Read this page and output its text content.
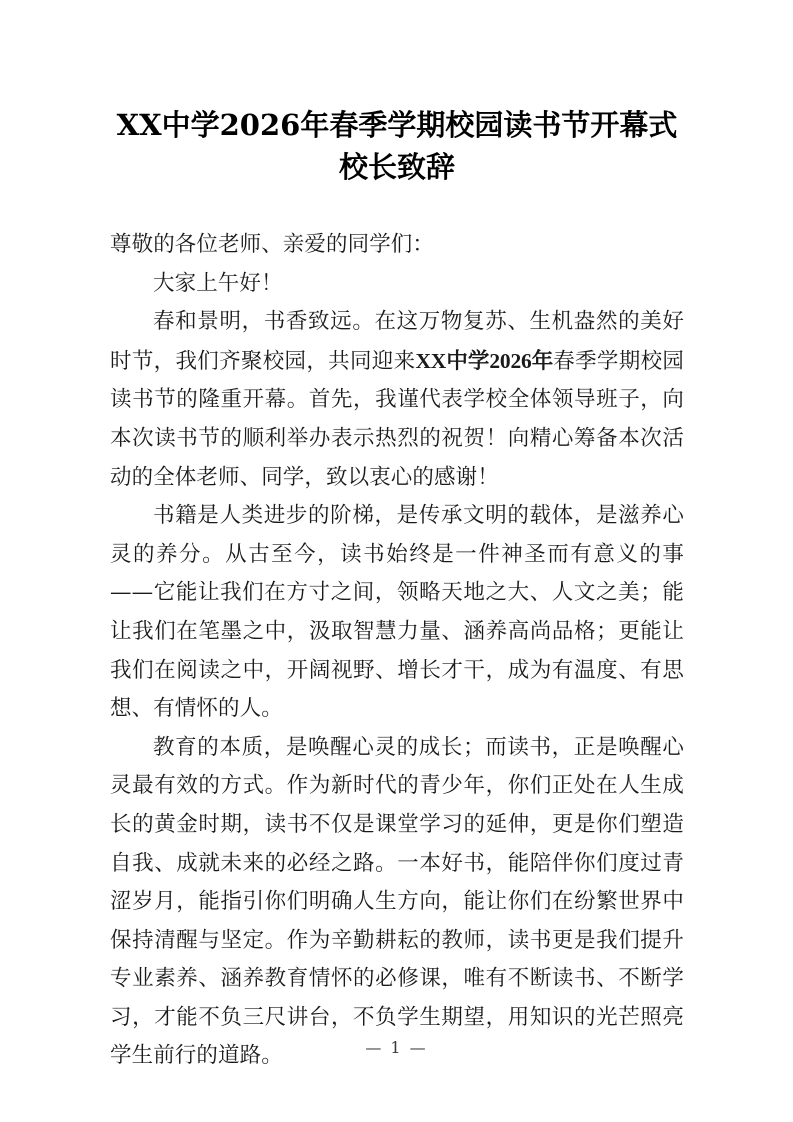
XX中学2026年春季学期校园读书节开幕式校长致辞

尊敬的各位老师、亲爱的同学们：

大家上午好！

春和景明，书香致远。在这万物复苏、生机盎然的美好时节，我们齐聚校园，共同迎来XX中学2026年春季学期校园读书节的隆重开幕。首先，我谨代表学校全体领导班子，向本次读书节的顺利举办表示热烈的祝贺！向精心筹备本次活动的全体老师、同学，致以衷心的感谢！

书籍是人类进步的阶梯，是传承文明的载体，是滋养心灵的养分。从古至今，读书始终是一件神圣而有意义的事——它能让我们在方寸之间，领略天地之大、人文之美；能让我们在笔墨之中，汲取智慧力量、涵养高尚品格；更能让我们在阅读之中，开阔视野、增长才干，成为有温度、有思想、有情怀的人。

教育的本质，是唤醒心灵的成长；而读书，正是唤醒心灵最有效的方式。作为新时代的青少年，你们正处在人生成长的黄金时期，读书不仅是课堂学习的延伸，更是你们塑造自我、成就未来的必经之路。一本好书，能陪伴你们度过青涩岁月，能指引你们明确人生方向，能让你们在纷繁世界中保持清醒与坚定。作为辛勤耕耘的教师，读书更是我们提升专业素养、涵养教育情怀的必修课，唯有不断读书、不断学习，才能不负三尺讲台，不负学生期望，用知识的光芒照亮学生前行的道路。	— 1 —
